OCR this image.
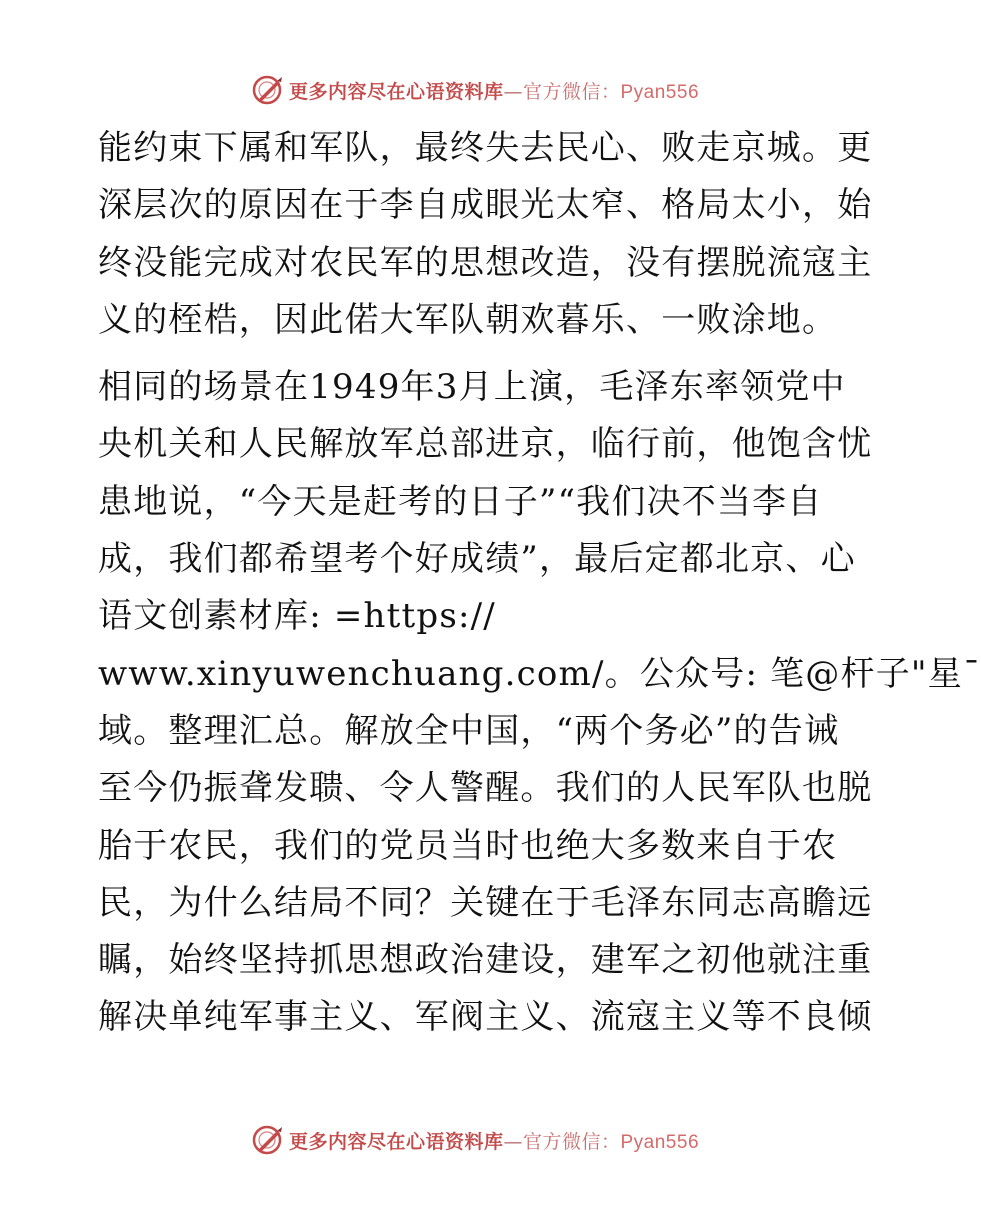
更多内容尽在心语资料库—官方微信：Pyan556
能约束下属和军队，最终失去民心、败走京城。更
深层次的原因在于李自成眼光太窄、格局太小，始
终没能完成对农民军的思想改造，没有摆脱流寇主
义的桎梏，因此偌大军队朝欢暮乐、一败涂地。
相同的场景在1949年3月上演，毛泽东率领党中
央机关和人民解放军总部进京，临行前，他饱含忧
患地说，“今天是赶考的日子”“我们决不当李自
成，我们都希望考个好成绩”，最后定都北京、心
语文创素材库: =https://
www.xinyuwenchuang.com/。公众号: 笔@杆子"星¯
域。整理汇总。解放全中国，“两个务必”的告诫
至今仍振聋发聩、令人警醒。我们的人民军队也脱
胎于农民，我们的党员当时也绝大多数来自于农
民，为什么结局不同？关键在于毛泽东同志高瞻远
瞩，始终坚持抓思想政治建设，建军之初他就注重
解决单纯军事主义、军阀主义、流寇主义等不良倾
更多内容尽在心语资料库—官方微信：Pyan556
